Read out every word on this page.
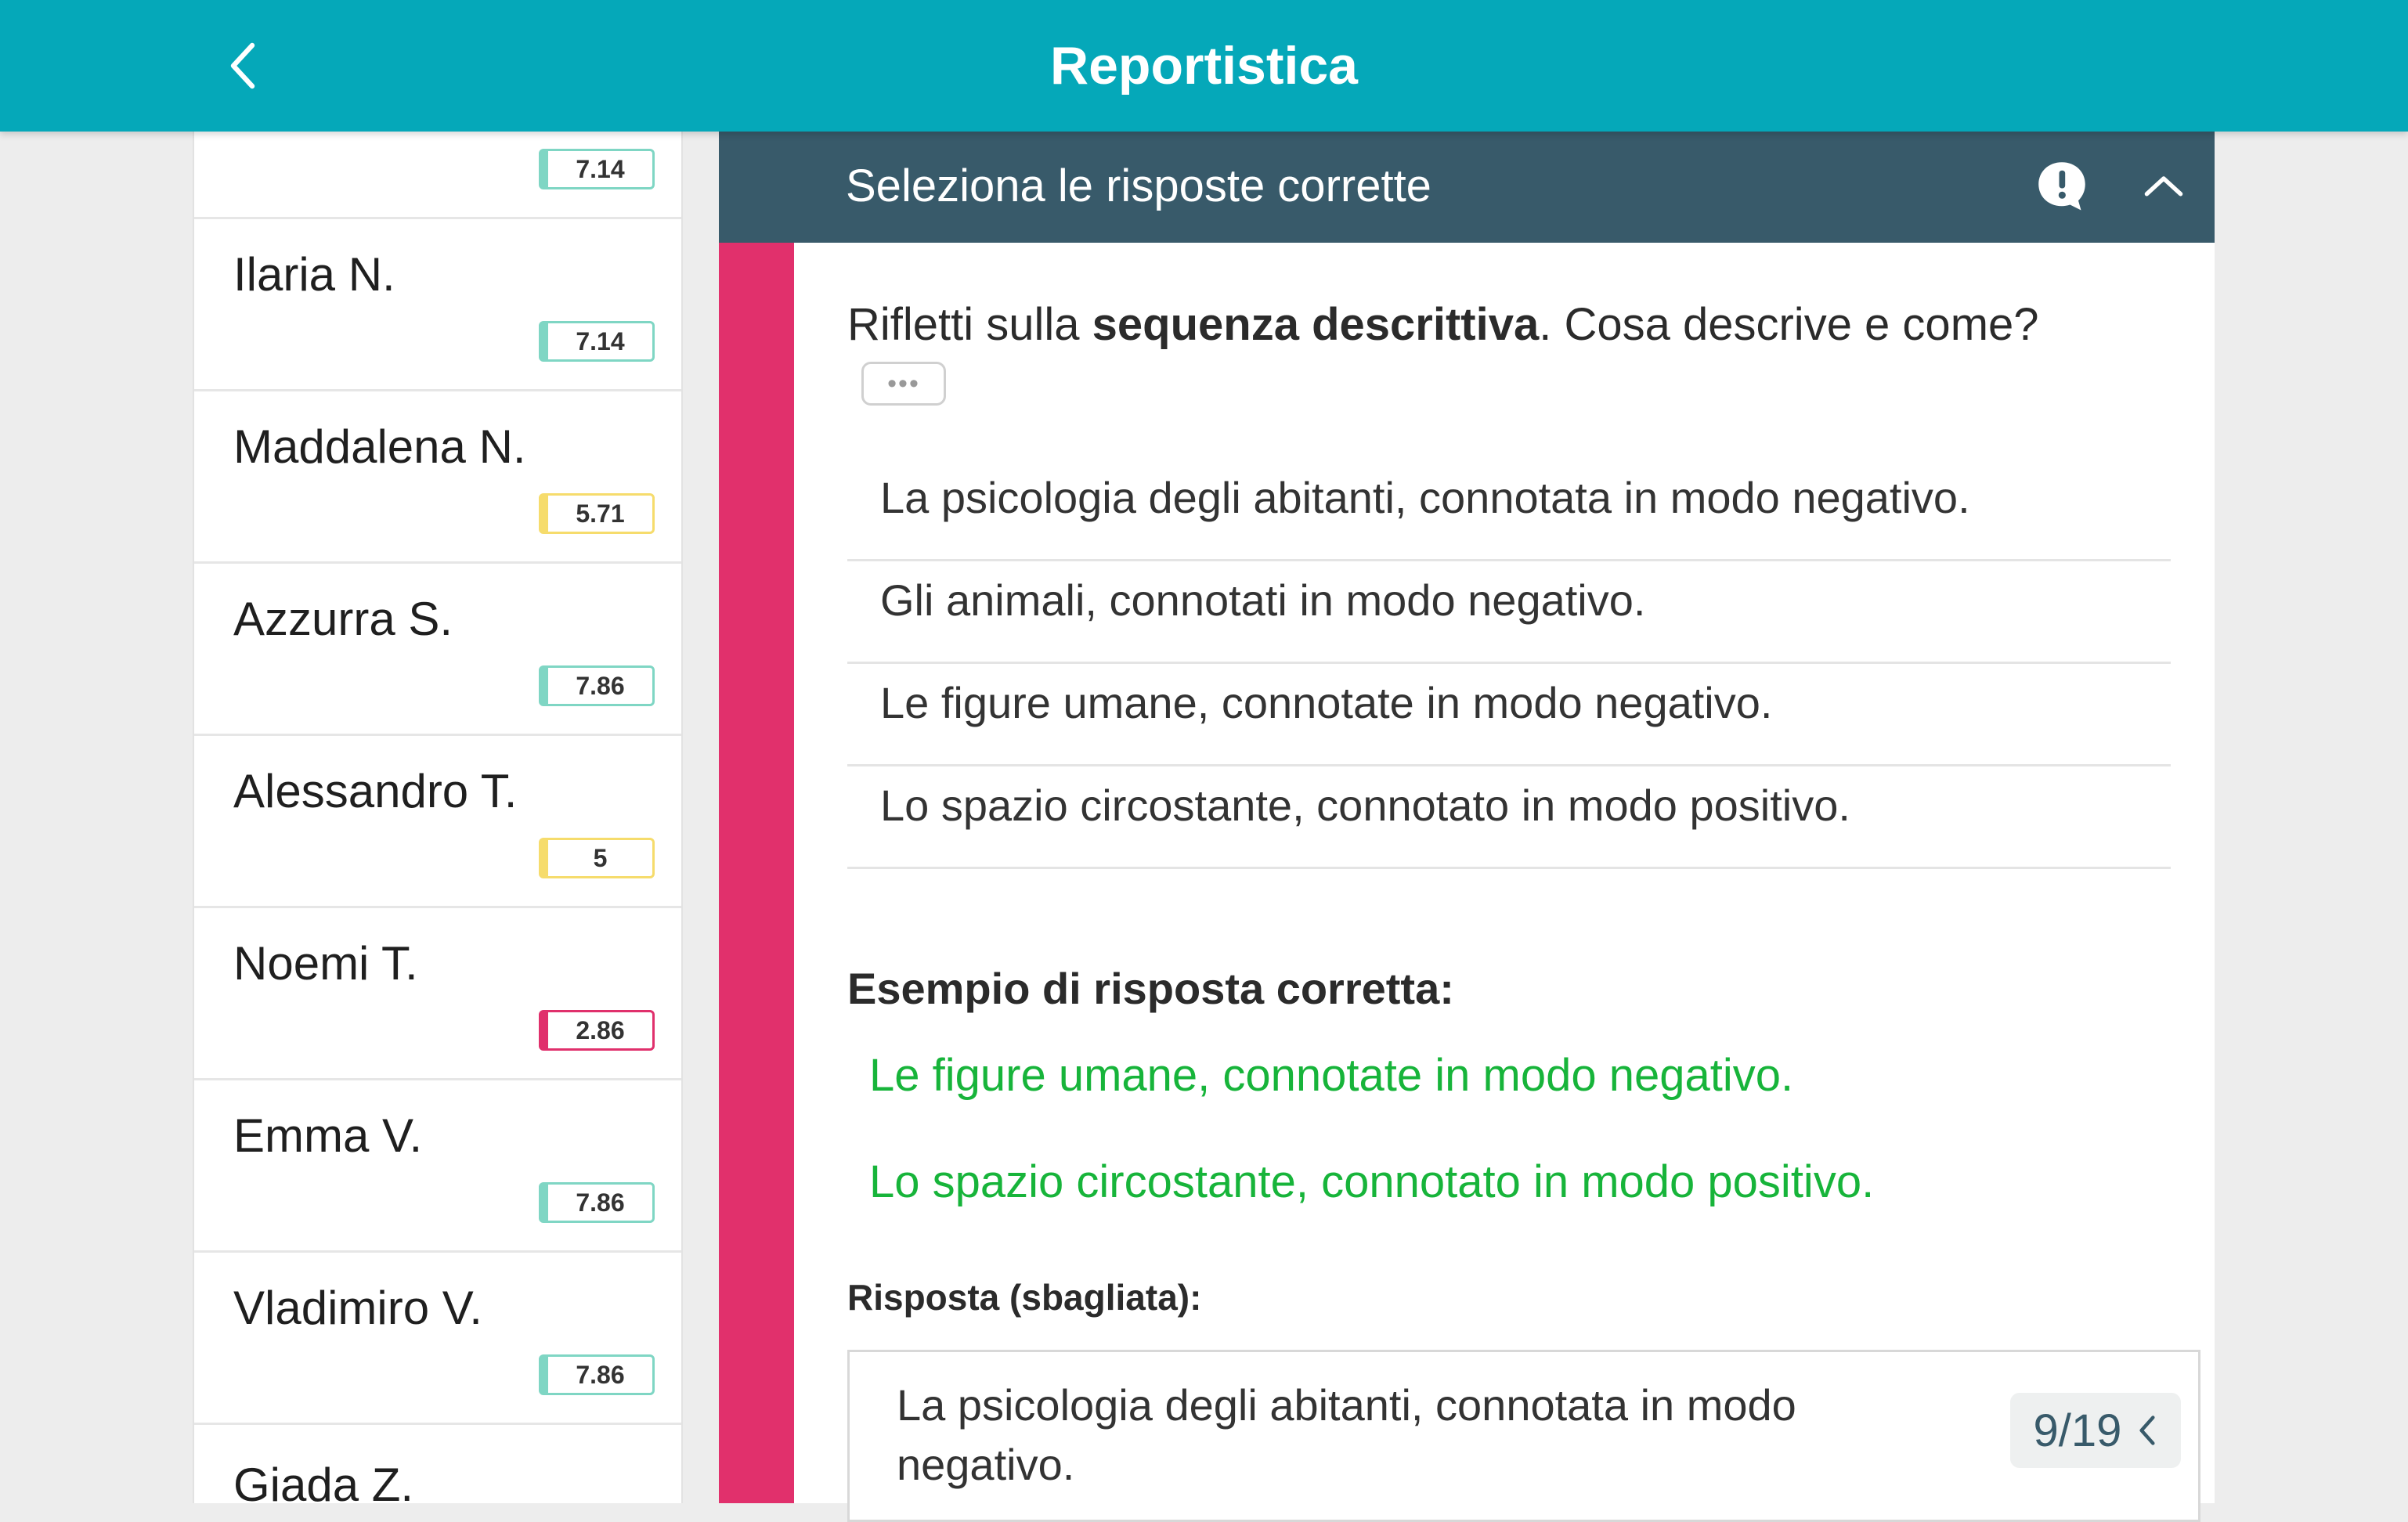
Reportistica
7.14
Ilaria N.
7.14
Maddalena N.
5.71
Azzurra S.
7.86
Alessandro T.
5
Noemi T.
2.86
Emma V.
7.86
Vladimiro V.
7.86
Giada Z.
Seleziona le risposte corrette
Rifletti sulla sequenza descrittiva. Cosa descrive e come?
•••
La psicologia degli abitanti, connotata in modo negativo.
Gli animali, connotati in modo negativo.
Le figure umane, connotate in modo negativo.
Lo spazio circostante, connotato in modo positivo.
Esempio di risposta corretta:
Le figure umane, connotate in modo negativo.
Lo spazio circostante, connotato in modo positivo.
Risposta (sbagliata):
La psicologia degli abitanti, connotata in modo negativo.
9/19
